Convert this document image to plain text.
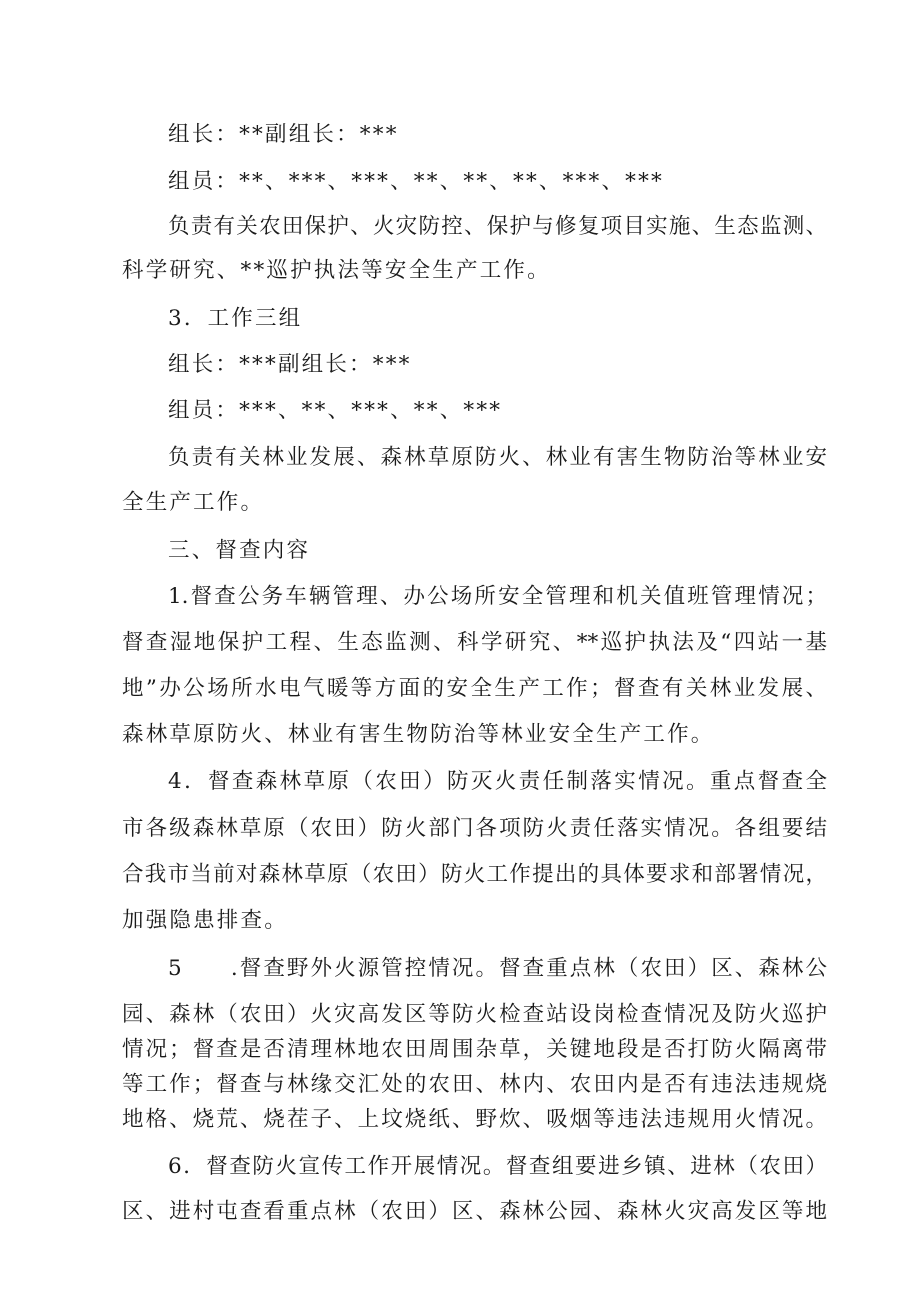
组长：**副组长：***
组员：**、***、***、**、**、**、***、***
负责有关农田保护、火灾防控、保护与修复项目实施、生态监测、
科学研究、**巡护执法等安全生产工作。
3．工作三组
组长：***副组长：***
组员：***、**、***、**、***
负责有关林业发展、森林草原防火、林业有害生物防治等林业安
全生产工作。
三、督查内容
1.督查公务车辆管理、办公场所安全管理和机关值班管理情况；
督查湿地保护工程、生态监测、科学研究、**巡护执法及“四站一基
地”办公场所水电气暖等方面的安全生产工作；督查有关林业发展、
森林草原防火、林业有害生物防治等林业安全生产工作。
4．督查森林草原（农田）防灭火责任制落实情况。重点督查全
市各级森林草原（农田）防火部门各项防火责任落实情况。各组要结
合我市当前对森林草原（农田）防火工作提出的具体要求和部署情况，
加强隐患排查。
5　　.督查野外火源管控情况。督查重点林（农田）区、森林公
园、森林（农田）火灾高发区等防火检查站设岗检查情况及防火巡护
情况；督查是否清理林地农田周围杂草，关键地段是否打防火隔离带
等工作；督查与林缘交汇处的农田、林内、农田内是否有违法违规烧
地格、烧荒、烧茬子、上坟烧纸、野炊、吸烟等违法违规用火情况。
6．督查防火宣传工作开展情况。督查组要进乡镇、进林（农田）
区、进村屯查看重点林（农田）区、森林公园、森林火灾高发区等地
